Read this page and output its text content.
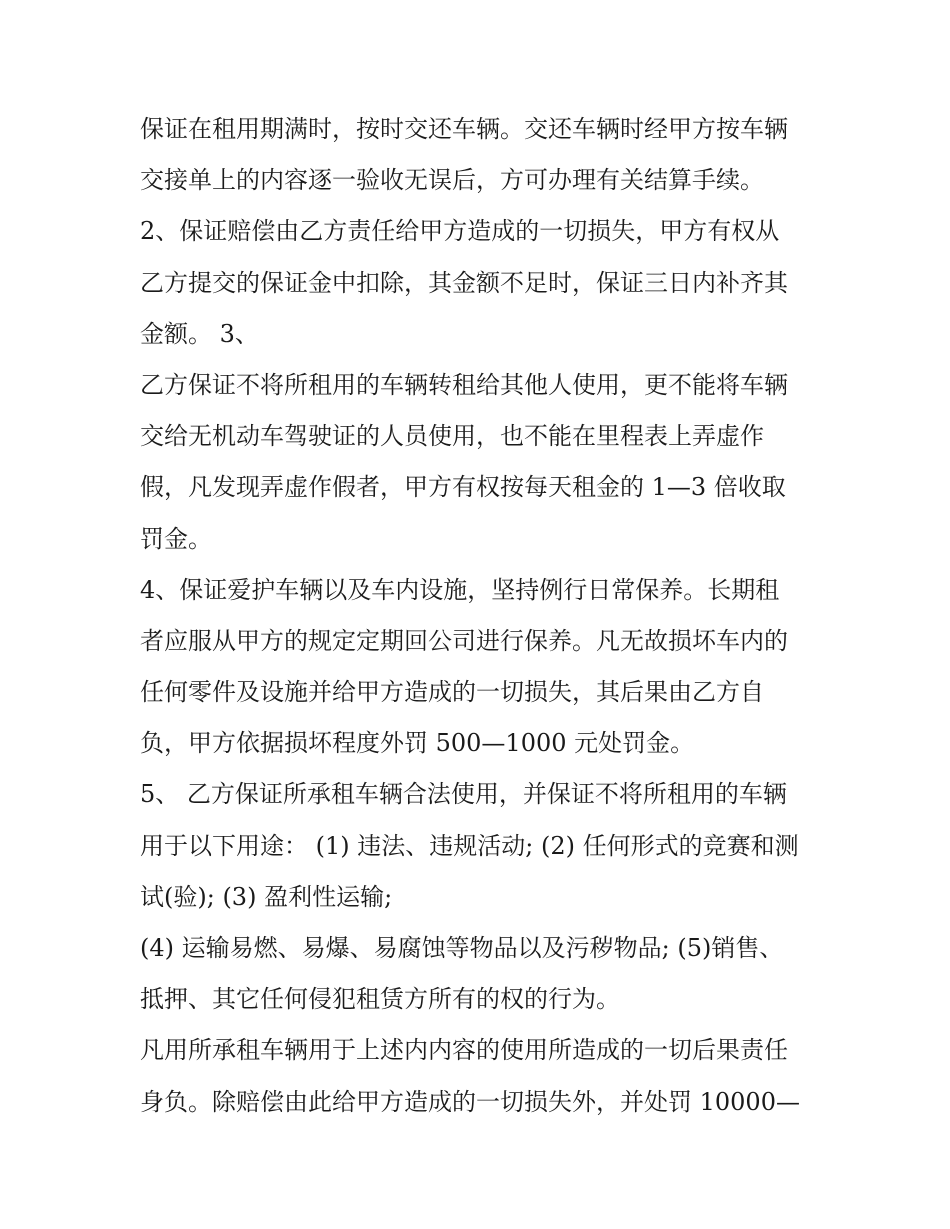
保证在租用期满时，按时交还车辆。交还车辆时经甲方按车辆
交接单上的内容逐一验收无误后，方可办理有关结算手续。
2、保证赔偿由乙方责任给甲方造成的一切损失，甲方有权从
乙方提交的保证金中扣除，其金额不足时，保证三日内补齐其
金额。 3、
乙方保证不将所租用的车辆转租给其他人使用，更不能将车辆
交给无机动车驾驶证的人员使用，也不能在里程表上弄虚作
假，凡发现弄虚作假者，甲方有权按每天租金的 1—3 倍收取
罚金。
4、保证爱护车辆以及车内设施，坚持例行日常保养。长期租
者应服从甲方的规定定期回公司进行保养。凡无故损坏车内的
任何零件及设施并给甲方造成的一切损失，其后果由乙方自
负，甲方依据损坏程度外罚 500—1000 元处罚金。
5、 乙方保证所承租车辆合法使用，并保证不将所租用的车辆
用于以下用途： (1) 违法、违规活动; (2) 任何形式的竞赛和测
试(验); (3) 盈利性运输;
(4) 运输易燃、易爆、易腐蚀等物品以及污秽物品; (5)销售、
抵押、其它任何侵犯租赁方所有的权的行为。
凡用所承租车辆用于上述内内容的使用所造成的一切后果责任
身负。除赔偿由此给甲方造成的一切损失外，并处罚 10000—
